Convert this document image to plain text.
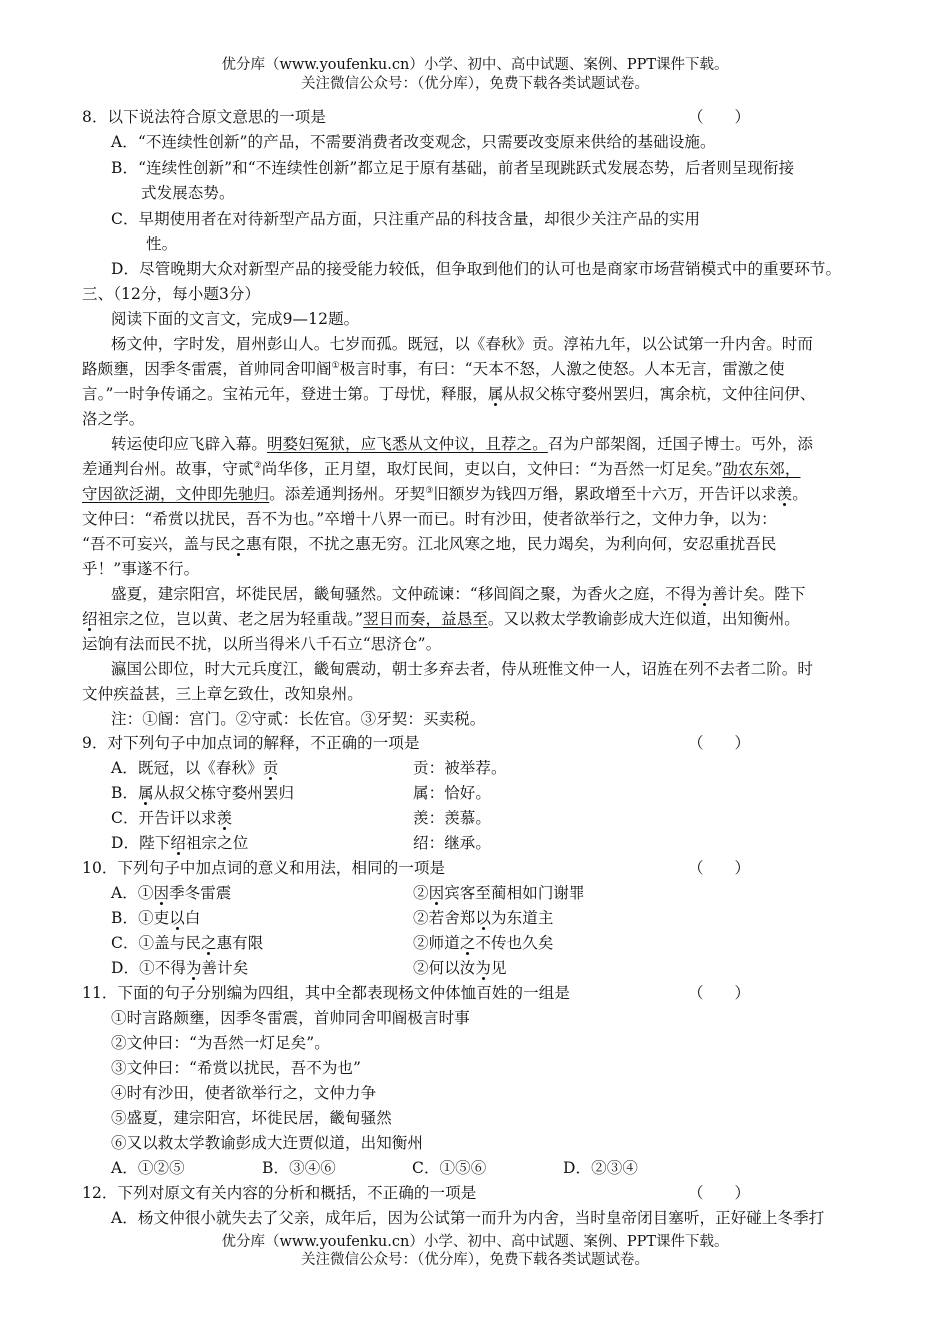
优分库（www.youfenku.cn）小学、初中、高中试题、案例、PPT课件下载。
关注微信公众号：（优分库），免费下载各类试题试卷。
8．以下说法符合原文意思的一项是	（　　）
A．“不连续性创新”的产品，不需要消费者改变观念，只需要改变原来供给的基础设施。
B．“连续性创新”和“不连续性创新”都立足于原有基础，前者呈现跳跃式发展态势，后者则呈现衔接
式发展态势。
C．早期使用者在对待新型产品方面，只注重产品的科技含量，却很少关注产品的实用
性。
D．尽管晚期大众对新型产品的接受能力较低，但争取到他们的认可也是商家市场营销模式中的重要环节。
三、（12分，每小题3分）
阅读下面的文言文，完成9—12题。
杨文仲，字时发，眉州彭山人。七岁而孤。既冠，以《春秋》贡。淳祐九年，以公试第一升内舍。时而
路颇壅，因季冬雷震，首帅同舍叩阍①极言时事，有曰：“天本不怒，人激之使怒。人本无言，雷激之使
言。”一时争传诵之。宝祐元年，登进士第。丁母忧，释服，属从叔父栋守婺州罢归，寓余杭，文仲往问伊、
洛之学。
转运使印应飞辟入幕。明婺妇冤狱，应飞悉从文仲议，且荐之。召为户部架阁，迁国子博士。丐外，添
差通判台州。故事，守贰②尚华侈，正月望，取灯民间，吏以白，文仲曰：“为吾然一灯足矣。”劭农东郊，
守因欲泛湖，文仲即先驰归。添差通判扬州。牙契③旧额岁为钱四万缗，累政增至十六万，开告讦以求羡。
文仲曰：“希赏以扰民，吾不为也。”卒增十八界一而已。时有沙田，使者欲举行之，文仲力争，以为：
“吾不可妄兴，盖与民之惠有限，不扰之惠无穷。江北风寒之地，民力竭矣，为利向何，安忍重扰吾民
乎！”事遂不行。
盛夏，建宗阳宫，坏徙民居，畿甸骚然。文仲疏谏：“移闾阎之聚，为香火之庭，不得为善计矣。陛下
绍祖宗之位，岂以黄、老之居为轻重哉。”翌日而奏，益恳至。又以救太学教谕彭成大迕似道，出知衡州。
运饷有法而民不扰，以所当得米八千石立“思济仓”。
瀛国公即位，时大元兵度江，畿甸震动，朝士多弃去者，侍从班惟文仲一人，诏旌在列不去者二阶。时
文仲疾益甚，三上章乞致仕，改知泉州。
注：①阍：宫门。②守贰：长佐官。③牙契：买卖税。
9．对下列句子中加点词的解释，不正确的一项是	（　　）
A．既冠，以《春秋》贡	贡：被举荐。
B．属从叔父栋守婺州罢归	属：恰好。
C．开告讦以求羡	羡：羡慕。
D．陛下绍祖宗之位	绍：继承。
10．下列句子中加点词的意义和用法，相同的一项是	（　　）
A．①因季冬雷震	②因宾客至蔺相如门谢罪
B．①吏以白	②若舍郑以为东道主
C．①盖与民之惠有限	②师道之不传也久矣
D．①不得为善计矣	②何以汝为见
11．下面的句子分别编为四组，其中全都表现杨文仲体恤百姓的一组是	（　　）
①时言路颇壅，因季冬雷震，首帅同舍叩阍极言时事
②文仲曰：“为吾然一灯足矣”。
③文仲曰：“希赏以扰民，吾不为也”
④时有沙田，使者欲举行之，文仲力争
⑤盛夏，建宗阳宫，坏徙民居，畿甸骚然
⑥又以救太学教谕彭成大迕贾似道，出知衡州
A．①②⑤	B．③④⑥	C．①⑤⑥	D．②③④
12．下列对原文有关内容的分析和概括，不正确的一项是	（　　）
A．杨文仲很小就失去了父亲，成年后，因为公试第一而升为内舍，当时皇帝闭目塞听，正好碰上冬季打
优分库（www.youfenku.cn）小学、初中、高中试题、案例、PPT课件下载。
关注微信公众号：（优分库），免费下载各类试题试卷。
